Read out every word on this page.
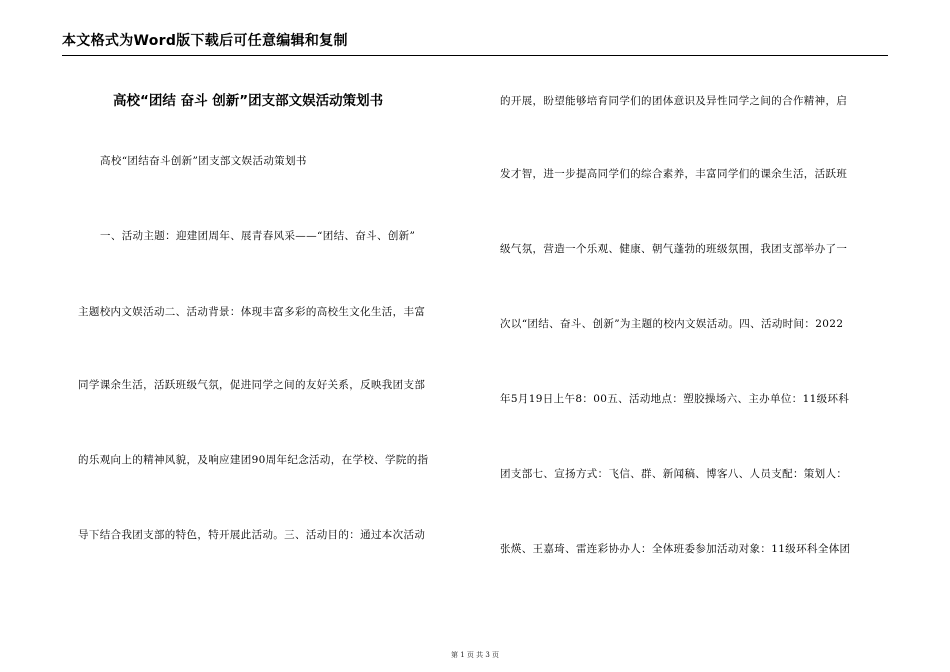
本文格式为Word版下载后可任意编辑和复制
高校“团结 奋斗 创新”团支部文娱活动策划书
高校“团结奋斗创新”团支部文娱活动策划书
一、活动主题：迎建团周年、展青春风采——“团结、奋斗、创新”
主题校内文娱活动二、活动背景：体现丰富多彩的高校生文化生活，丰富
同学课余生活，活跃班级气氛，促进同学之间的友好关系，反映我团支部
的乐观向上的精神风貌，及响应建团90周年纪念活动，在学校、学院的指
导下结合我团支部的特色，特开展此活动。三、活动目的：通过本次活动
的开展，盼望能够培育同学们的团体意识及异性同学之间的合作精神，启
发才智，进一步提高同学们的综合素养，丰富同学们的课余生活，活跃班
级气氛，营造一个乐观、健康、朝气蓬勃的班级氛围，我团支部举办了一
次以“团结、奋斗、创新”为主题的校内文娱活动。四、活动时间：2022
年5月19日上午8：00五、活动地点：塑胶操场六、主办单位：11级环科
团支部七、宣扬方式：飞信、群、新闻稿、博客八、人员支配：策划人：
张煐、王嘉琦、雷连彩协办人：全体班委参加活动对象：11级环科全体团
第 1 页 共 3 页
